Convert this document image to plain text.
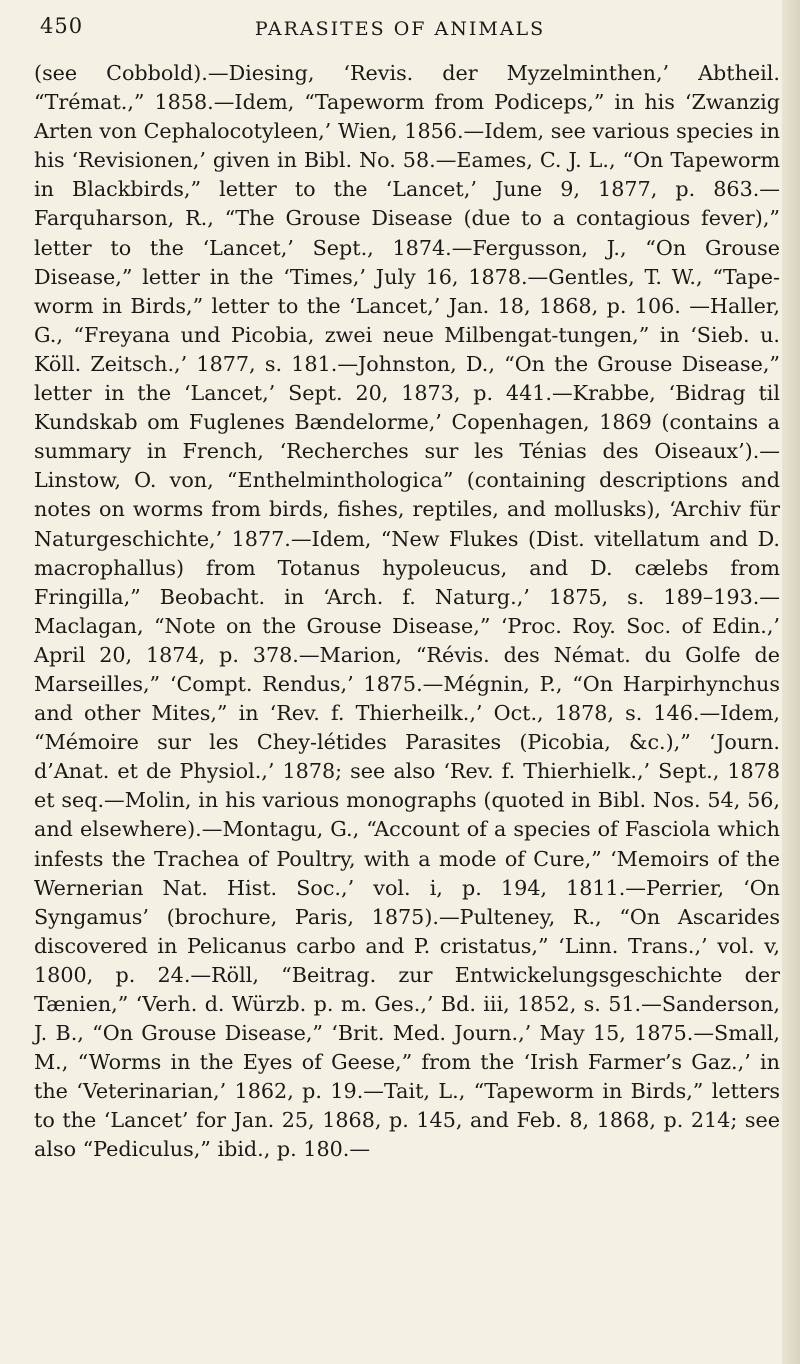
450	PARASITES OF ANIMALS

(see Cobbold).—Diesing, ‘Revis. der Myzelminthen,’ Abtheil. “Trémat.,” 1858.—Idem, “Tapeworm from Podiceps,” in his ‘Zwanzig Arten von Cephalocotyleen,’ Wien, 1856.—Idem, see various species in his ‘Revisionen,’ given in Bibl. No. 58.—Eames, C. J. L., “On Tapeworm in Blackbirds,” letter to the ‘Lancet,’ June 9, 1877, p. 863.—Farquharson, R., “The Grouse Disease (due to a contagious fever),” letter to the ‘Lancet,’ Sept., 1874.—Fergusson, J., “On Grouse Disease,” letter in the ‘Times,’ July 16, 1878.—Gentles, T. W., “Tape-worm in Birds,” letter to the ‘Lancet,’ Jan. 18, 1868, p. 106. —Haller, G., “Freyana und Picobia, zwei neue Milbengat-tungen,” in ‘Sieb. u. Köll. Zeitsch.,’ 1877, s. 181.—Johnston, D., “On the Grouse Disease,” letter in the ‘Lancet,’ Sept. 20, 1873, p. 441.—Krabbe, ‘Bidrag til Kundskab om Fuglenes Bændelorme,’ Copenhagen, 1869 (contains a summary in French, ‘Recherches sur les Ténias des Oiseaux’).—Linstow, O. von, “Enthelminthologica” (containing descriptions and notes on worms from birds, fishes, reptiles, and mollusks), ‘Archiv für Naturgeschichte,’ 1877.—Idem, “New Flukes (Dist. vitellatum and D. macrophallus) from Totanus hypoleucus, and D. cælebs from Fringilla,” Beobacht. in ‘Arch. f. Naturg.,’ 1875, s. 189–193.—Maclagan, “Note on the Grouse Disease,” ‘Proc. Roy. Soc. of Edin.,’ April 20, 1874, p. 378.—Marion, “Révis. des Némat. du Golfe de Marseilles,” ‘Compt. Rendus,’ 1875.—Mégnin, P., “On Harpirhynchus and other Mites,” in ‘Rev. f. Thierheilk.,’ Oct., 1878, s. 146.—Idem, “Mémoire sur les Chey-létides Parasites (Picobia, &c.),” ‘Journ. d’Anat. et de Physiol.,’ 1878; see also ‘Rev. f. Thierhielk.,’ Sept., 1878 et seq.—Molin, in his various monographs (quoted in Bibl. Nos. 54, 56, and elsewhere).—Montagu, G., “Account of a species of Fasciola which infests the Trachea of Poultry, with a mode of Cure,” ‘Memoirs of the Wernerian Nat. Hist. Soc.,’ vol. i, p. 194, 1811.—Perrier, ‘On Syngamus’ (brochure, Paris, 1875).—Pulteney, R., “On Ascarides discovered in Pelicanus carbo and P. cristatus,” ‘Linn. Trans.,’ vol. v, 1800, p. 24.—Röll, “Beitrag. zur Entwickelungsgeschichte der Tænien,” ‘Verh. d. Würzb. p. m. Ges.,’ Bd. iii, 1852, s. 51.—Sanderson, J. B., “On Grouse Disease,” ‘Brit. Med. Journ.,’ May 15, 1875.—Small, M., “Worms in the Eyes of Geese,” from the ‘Irish Farmer’s Gaz.,’ in the ‘Veterinarian,’ 1862, p. 19.—Tait, L., “Tapeworm in Birds,” letters to the ‘Lancet’ for Jan. 25, 1868, p. 145, and Feb. 8, 1868, p. 214; see also “Pediculus,” ibid., p. 180.—
